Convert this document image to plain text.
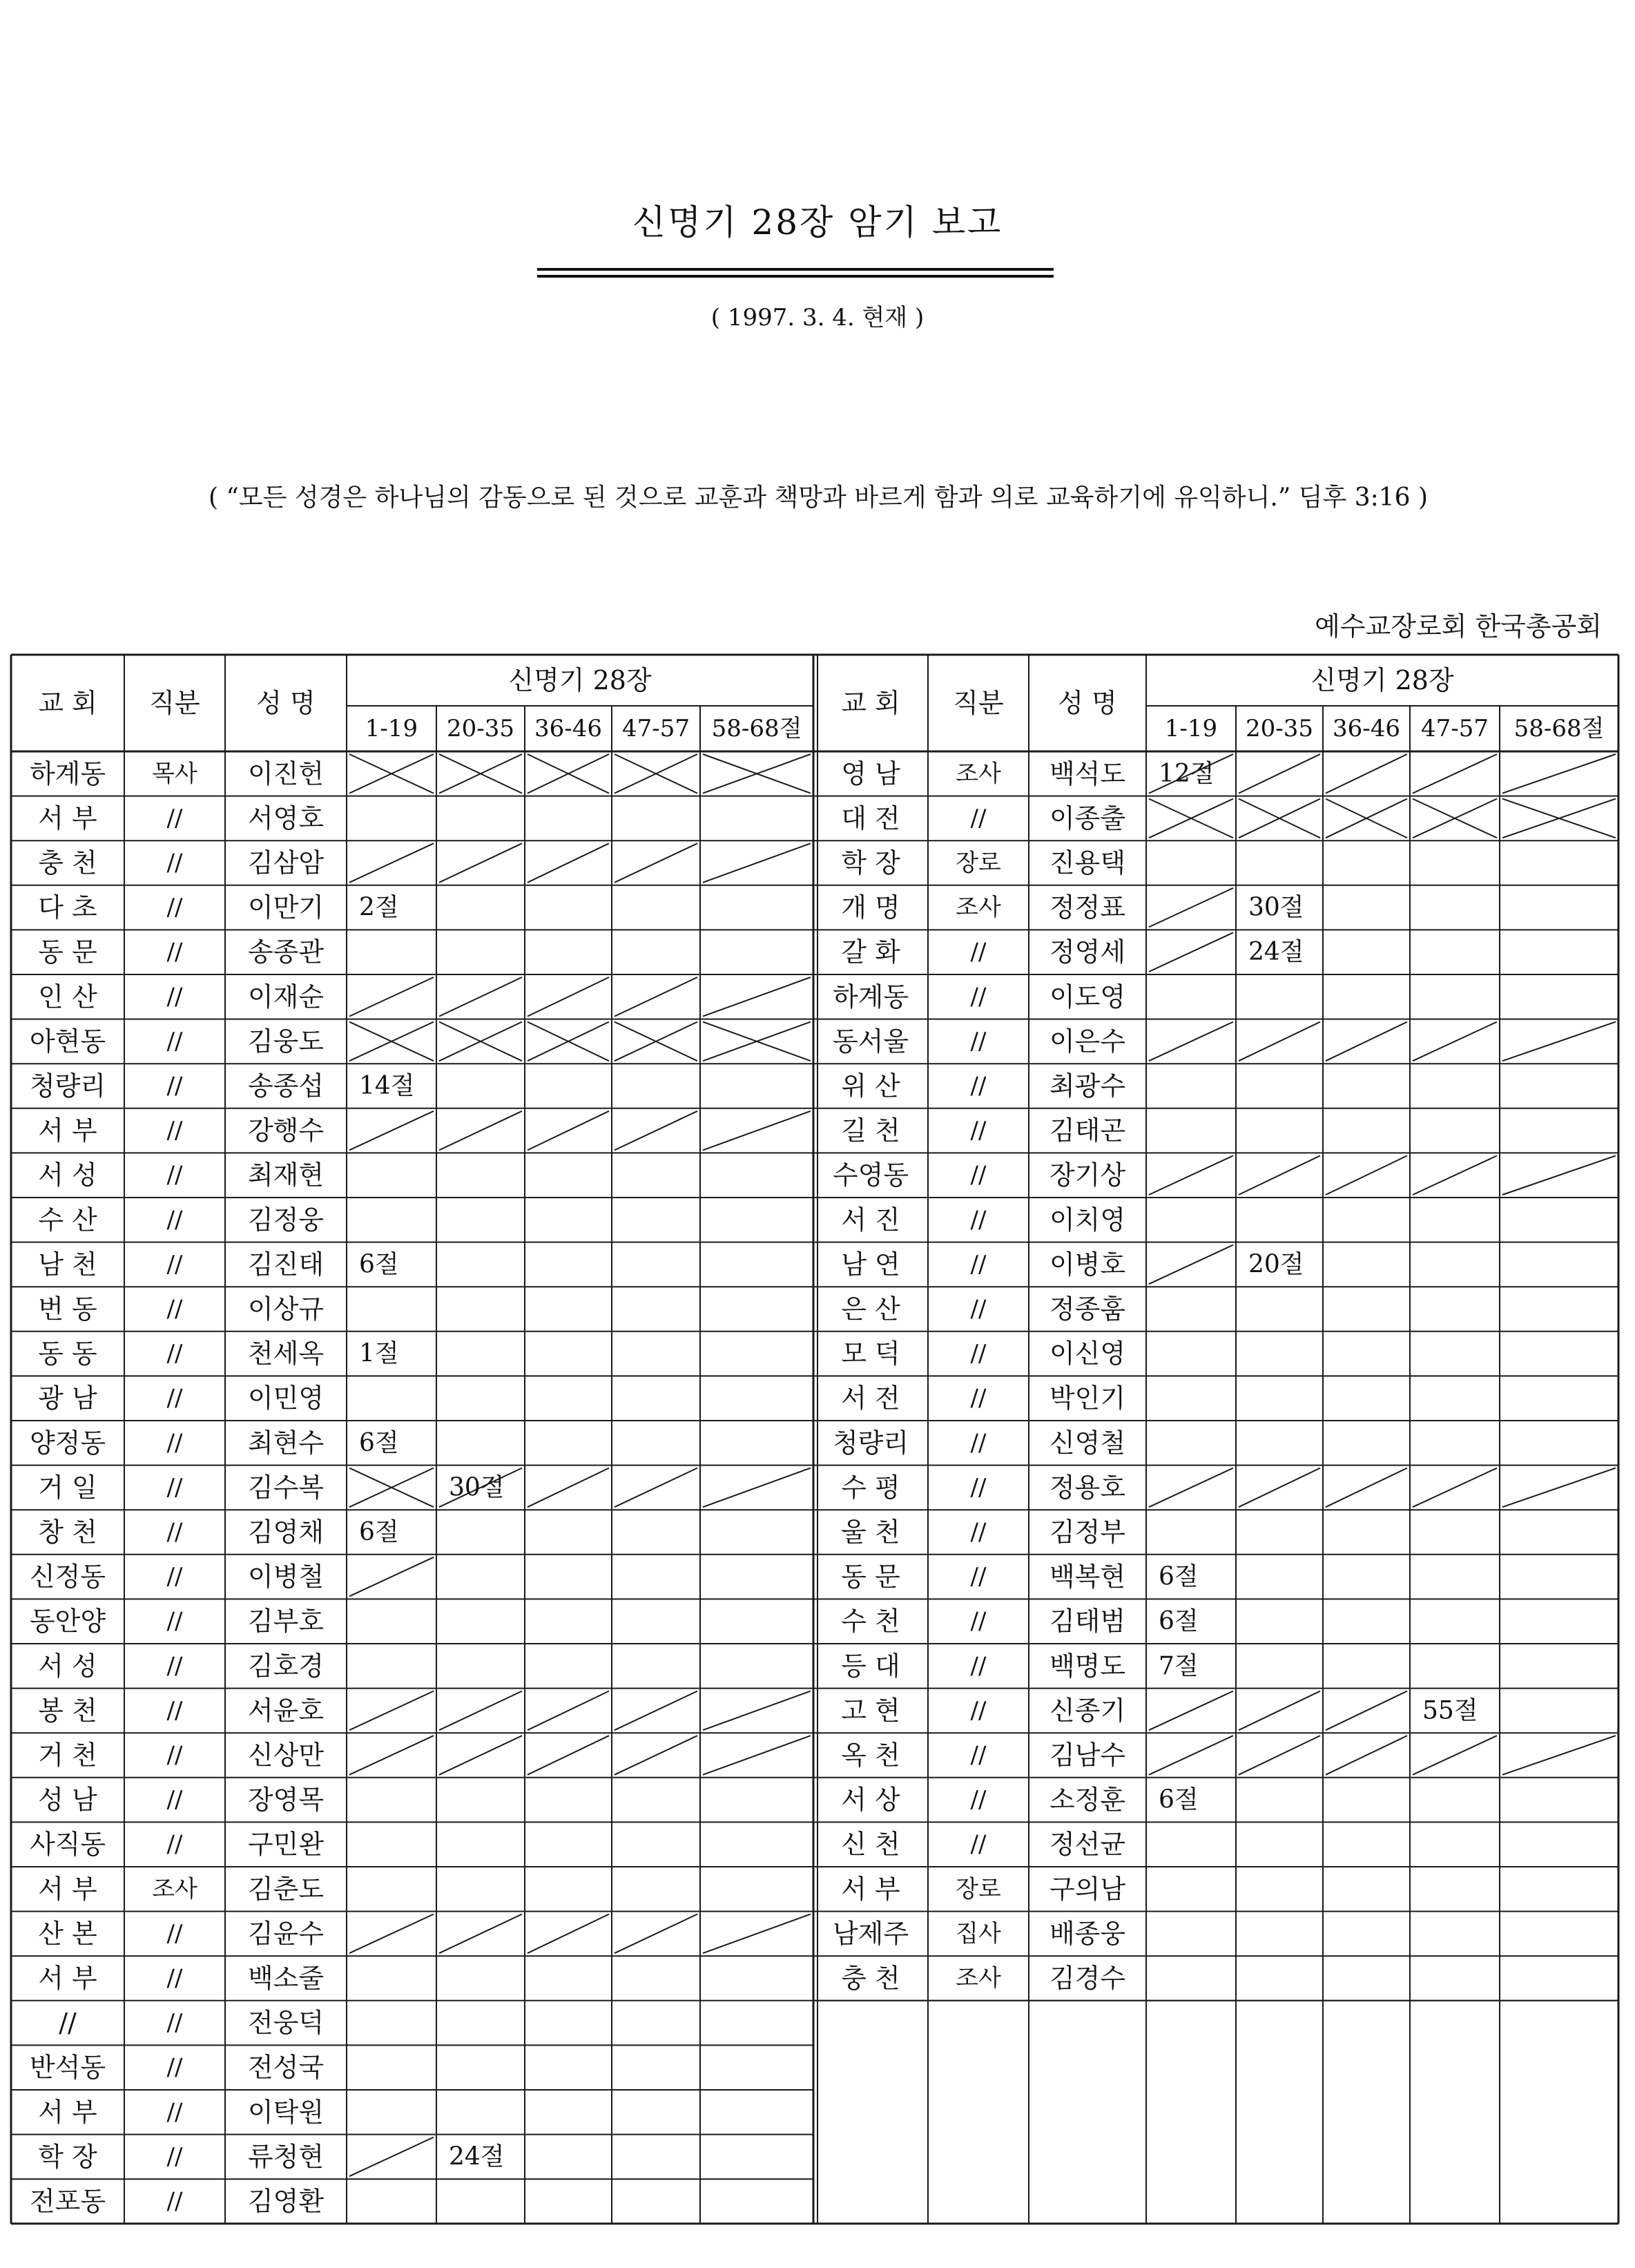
신명기 28장 암기 보고
( 1997. 3. 4. 현재 )
( “모든 성경은 하나님의 감동으로 된 것으로 교훈과 책망과 바르게 함과 의로 교육하기에 유익하니.” 딤후 3:16 )
예수교장로회 한국총공회
교 회 직분 성 명
신명기 28장
1-19 20-35 36-46 47-57 58-68절
교 회 직분 성 명
신명기 28장
1-19 20-35 36-46 47-57 58-68절
하계동 목사 이진헌
서 부	// 서영호
충 천	// 김삼암
다 초	// 이만기 2절
동 문	// 송종관
인 산	// 이재순
아현동	// 김웅도
청량리	// 송종섭 14절
서 부	// 강행수
서 성	// 최재현
수 산	// 김정웅
남 천	// 김진태 6절
번 동	// 이상규
동 동	// 천세옥 1절
광 남	// 이민영
양정동	// 최현수 6절
거 일	// 김수복	30절
창 천	// 김영채 6절
신정동	// 이병철
동안양	// 김부호
서 성	// 김호경
봉 천	// 서윤호
거 천	// 신상만
성 남	// 장영목
사직동	// 구민완
서 부 조사 김춘도
산 본	// 김윤수
서 부	// 백소줄
//	// 전웅덕
반석동	// 전성국
서 부	// 이탁원
학 장	// 류청현	24절
전포동	// 김영환
영 남 조사 백석도 12절
대 전	// 이종출
학 장 장로 진용택
개 명 조사 정정표	30절
갈 화	// 정영세	24절
하계동	// 이도영
동서울	// 이은수
위 산	// 최광수
길 천	// 김태곤
수영동	// 장기상
서 진	// 이치영
남 연	// 이병호	20절
은 산	// 정종훔
모 덕	// 이신영
서 전	// 박인기
청량리	// 신영철
수 평	// 정용호
울 천	// 김정부
동 문	// 백복현 6절
수 천	// 김태범 6절
등 대	// 백명도 7절
고 현	// 신종기	55절
옥 천	// 김남수
서 상	// 소정훈 6절
신 천	// 정선균
서 부 장로 구의남
남제주 집사 배종웅
충 천 조사 김경수
